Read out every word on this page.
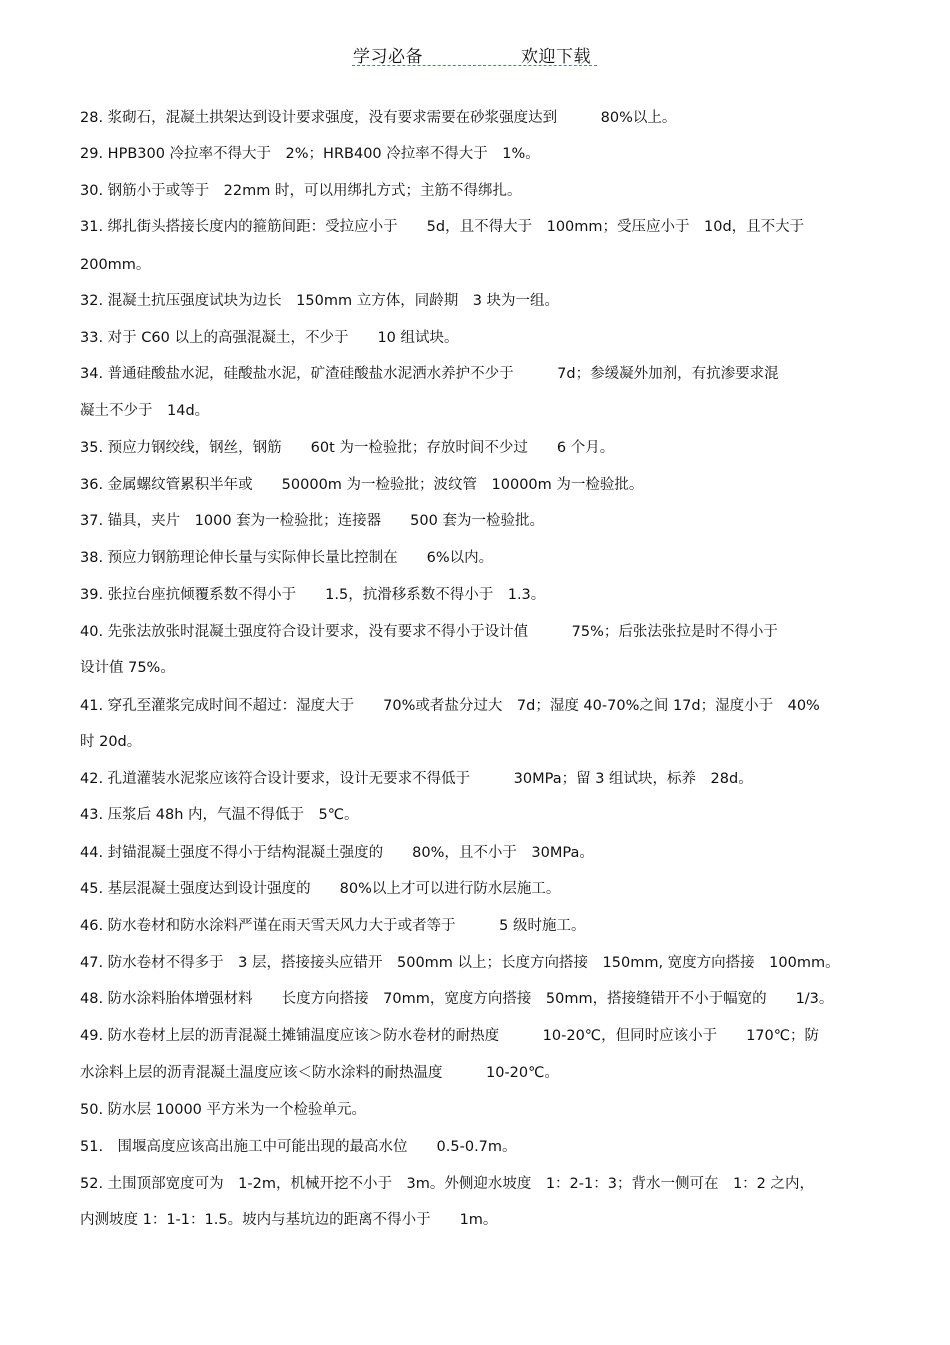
学习必备	欢迎下载
28. 浆砌石，混凝土拱架达到设计要求强度，没有要求需要在砂浆强度达到　　　80%以上。
29. HPB300 冷拉率不得大于　2%；HRB400 冷拉率不得大于　1%。
30. 钢筋小于或等于　22mm 时，可以用绑扎方式；主筋不得绑扎。
31. 绑扎街头搭接长度内的箍筋间距：受拉应小于　　5d，且不得大于　100mm；受压应小于　10d，且不大于
200mm。
32. 混凝土抗压强度试块为边长　150mm 立方体，同龄期　3 块为一组。
33. 对于 C60 以上的高强混凝土，不少于　　10 组试块。
34. 普通硅酸盐水泥，硅酸盐水泥，矿渣硅酸盐水泥洒水养护不少于　　　7d；参缓凝外加剂，有抗渗要求混
凝土不少于　14d。
35. 预应力钢绞线，钢丝，钢筋　　60t 为一检验批；存放时间不少过　　6 个月。
36. 金属螺纹管累积半年或　　50000m 为一检验批；波纹管　10000m 为一检验批。
37. 锚具，夹片　1000 套为一检验批；连接器　　500 套为一检验批。
38. 预应力钢筋理论伸长量与实际伸长量比控制在　　6%以内。
39. 张拉台座抗倾覆系数不得小于　　1.5，抗滑移系数不得小于　1.3。
40. 先张法放张时混凝土强度符合设计要求，没有要求不得小于设计值　　　75%；后张法张拉是时不得小于
设计值 75%。
41. 穿孔至灌浆完成时间不超过：湿度大于　　70%或者盐分过大　7d；湿度 40-70%之间 17d；湿度小于　40%
时 20d。
42. 孔道灌装水泥浆应该符合设计要求，设计无要求不得低于　　　30MPa；留 3 组试块，标养　28d。
43. 压浆后 48h 内，气温不得低于　5℃。
44. 封锚混凝土强度不得小于结构混凝土强度的　　80%，且不小于　30MPa。
45. 基层混凝土强度达到设计强度的　　80%以上才可以进行防水层施工。
46. 防水卷材和防水涂料严谨在雨天雪天风力大于或者等于　　　5 级时施工。
47. 防水卷材不得多于　3 层，搭接接头应错开　500mm 以上；长度方向搭接　150mm, 宽度方向搭接　100mm。
48. 防水涂料胎体增强材料　　长度方向搭接　70mm，宽度方向搭接　50mm，搭接缝错开不小于幅宽的　　1/3。
49. 防水卷材上层的沥青混凝土摊铺温度应该＞防水卷材的耐热度　　　10-20℃，但同时应该小于　　170℃；防
水涂料上层的沥青混凝土温度应该＜防水涂料的耐热温度　　　10-20℃。
50. 防水层 10000 平方米为一个检验单元。
51.　围堰高度应该高出施工中可能出现的最高水位　　0.5-0.7m。
52. 土围顶部宽度可为　1-2m，机械开挖不小于　3m。外侧迎水坡度　1：2-1：3；背水一侧可在　1：2 之内，
内测坡度 1：1-1：1.5。坡内与基坑边的距离不得小于　　1m。
